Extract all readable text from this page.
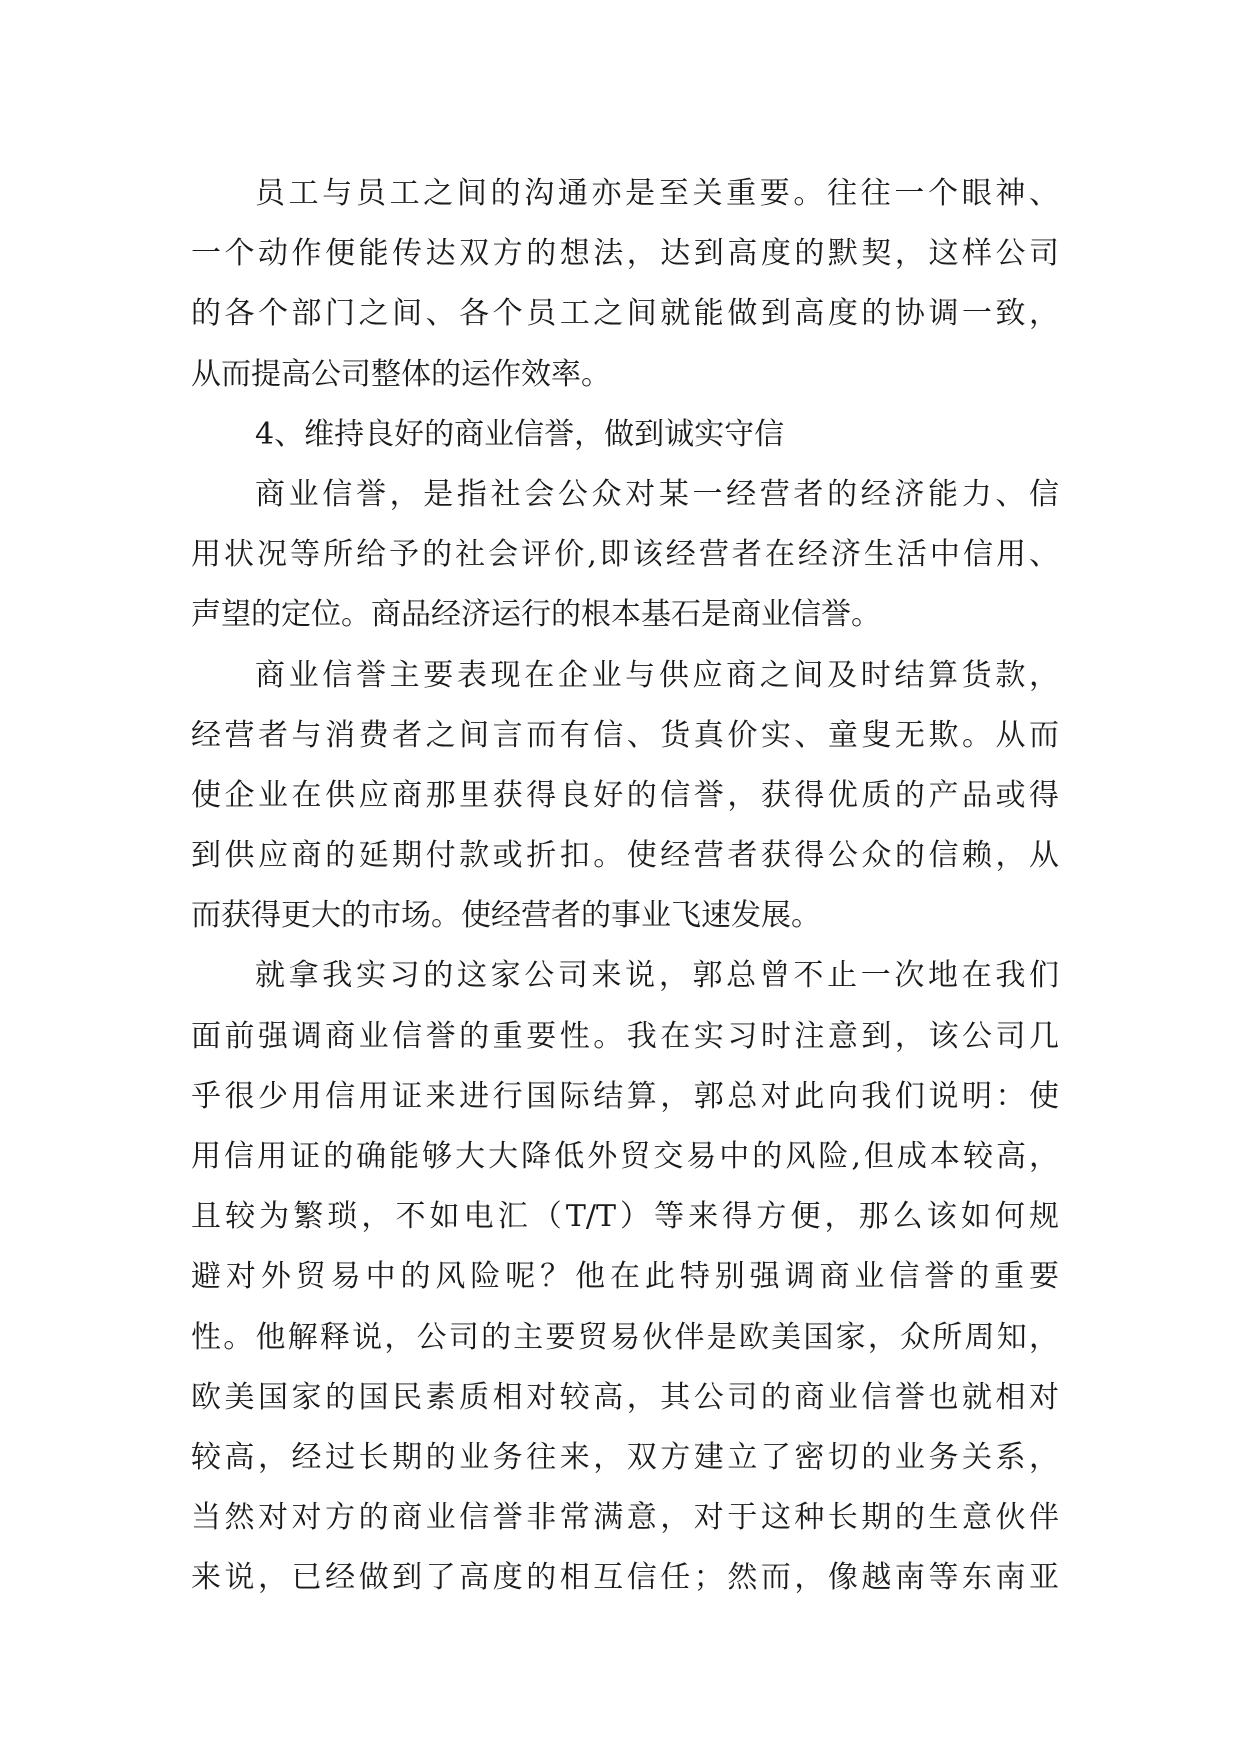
员工与员工之间的沟通亦是至关重要。往往一个眼神、
一个动作便能传达双方的想法，达到高度的默契，这样公司
的各个部门之间、各个员工之间就能做到高度的协调一致，
从而提高公司整体的运作效率。
4、维持良好的商业信誉，做到诚实守信
商业信誉，是指社会公众对某一经营者的经济能力、信
用状况等所给予的社会评价,即该经营者在经济生活中信用、
声望的定位。商品经济运行的根本基石是商业信誉。
商业信誉主要表现在企业与供应商之间及时结算货款，
经营者与消费者之间言而有信、货真价实、童叟无欺。从而
使企业在供应商那里获得良好的信誉，获得优质的产品或得
到供应商的延期付款或折扣。使经营者获得公众的信赖，从
而获得更大的市场。使经营者的事业飞速发展。
就拿我实习的这家公司来说，郭总曾不止一次地在我们
面前强调商业信誉的重要性。我在实习时注意到，该公司几
乎很少用信用证来进行国际结算，郭总对此向我们说明：使
用信用证的确能够大大降低外贸交易中的风险,但成本较高，
且较为繁琐，不如电汇（T/T）等来得方便，那么该如何规
避对外贸易中的风险呢？他在此特别强调商业信誉的重要
性。他解释说，公司的主要贸易伙伴是欧美国家，众所周知，
欧美国家的国民素质相对较高，其公司的商业信誉也就相对
较高，经过长期的业务往来，双方建立了密切的业务关系，
当然对对方的商业信誉非常满意，对于这种长期的生意伙伴
来说，已经做到了高度的相互信任；然而，像越南等东南亚
